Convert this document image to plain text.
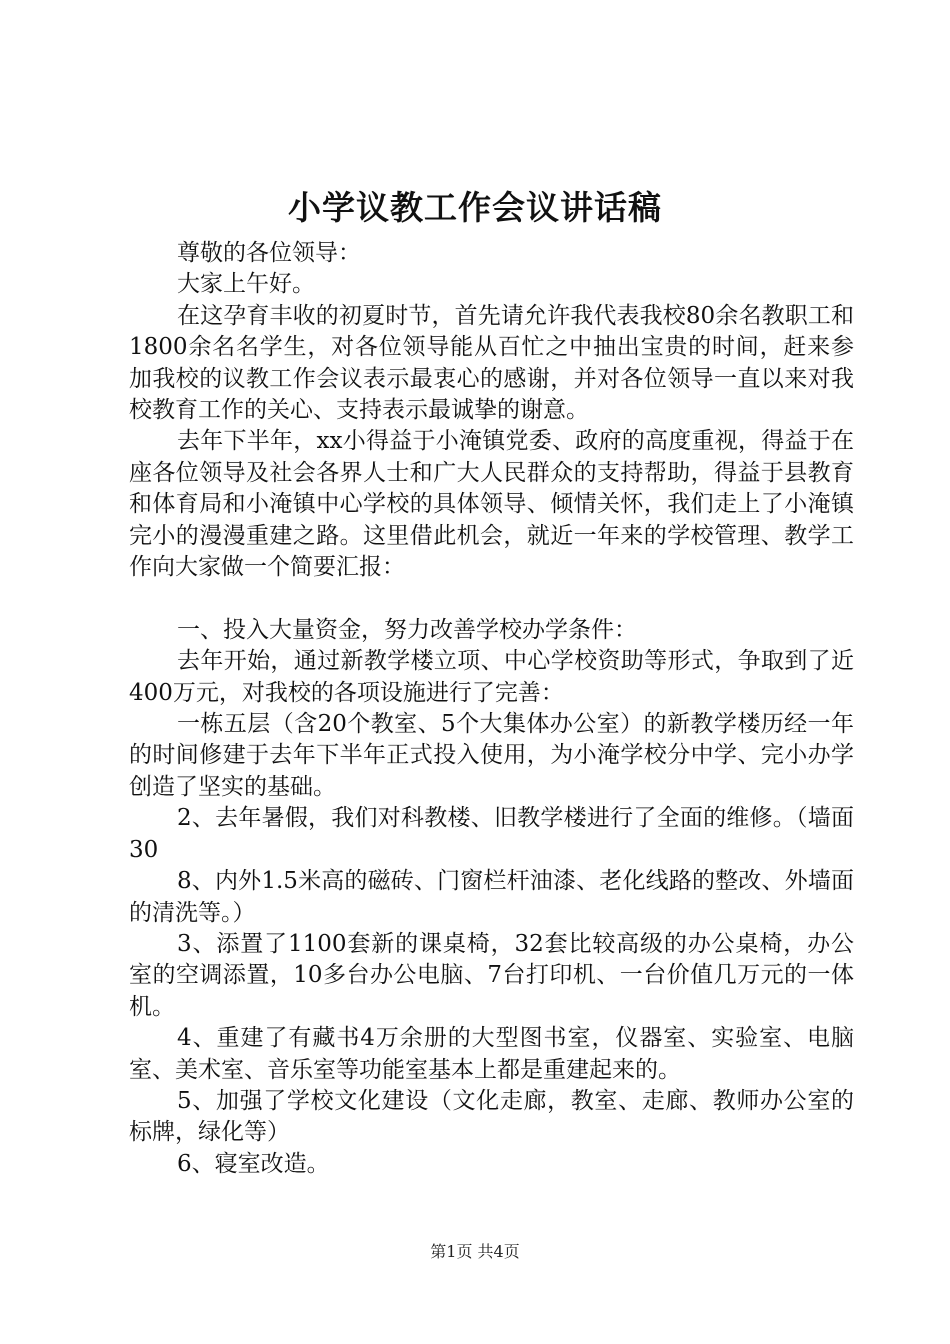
小学议教工作会议讲话稿

尊敬的各位领导：

大家上午好。

在这孕育丰收的初夏时节，首先请允许我代表我校80余名教职工和1800余名名学生，对各位领导能从百忙之中抽出宝贵的时间，赶来参加我校的议教工作会议表示最衷心的感谢，并对各位领导一直以来对我校教育工作的关心、支持表示最诚挚的谢意。

去年下半年，xx小得益于小淹镇党委、政府的高度重视，得益于在座各位领导及社会各界人士和广大人民群众的支持帮助，得益于县教育和体育局和小淹镇中心学校的具体领导、倾情关怀，我们走上了小淹镇完小的漫漫重建之路。这里借此机会，就近一年来的学校管理、教学工作向大家做一个简要汇报：

一、投入大量资金，努力改善学校办学条件：

去年开始，通过新教学楼立项、中心学校资助等形式，争取到了近400万元，对我校的各项设施进行了完善：

一栋五层（含20个教室、5个大集体办公室）的新教学楼历经一年的时间修建于去年下半年正式投入使用，为小淹学校分中学、完小办学创造了坚实的基础。

2、去年暑假，我们对科教楼、旧教学楼进行了全面的维修。（墙面30

8、内外1.5米高的磁砖、门窗栏杆油漆、老化线路的整改、外墙面的清洗等。）

3、添置了1100套新的课桌椅，32套比较高级的办公桌椅，办公室的空调添置，10多台办公电脑、7台打印机、一台价值几万元的一体机。

4、重建了有藏书4万余册的大型图书室，仪器室、实验室、电脑室、美术室、音乐室等功能室基本上都是重建起来的。

5、加强了学校文化建设（文化走廊，教室、走廊、教师办公室的标牌，绿化等）

6、寝室改造。

第1页 共4页
